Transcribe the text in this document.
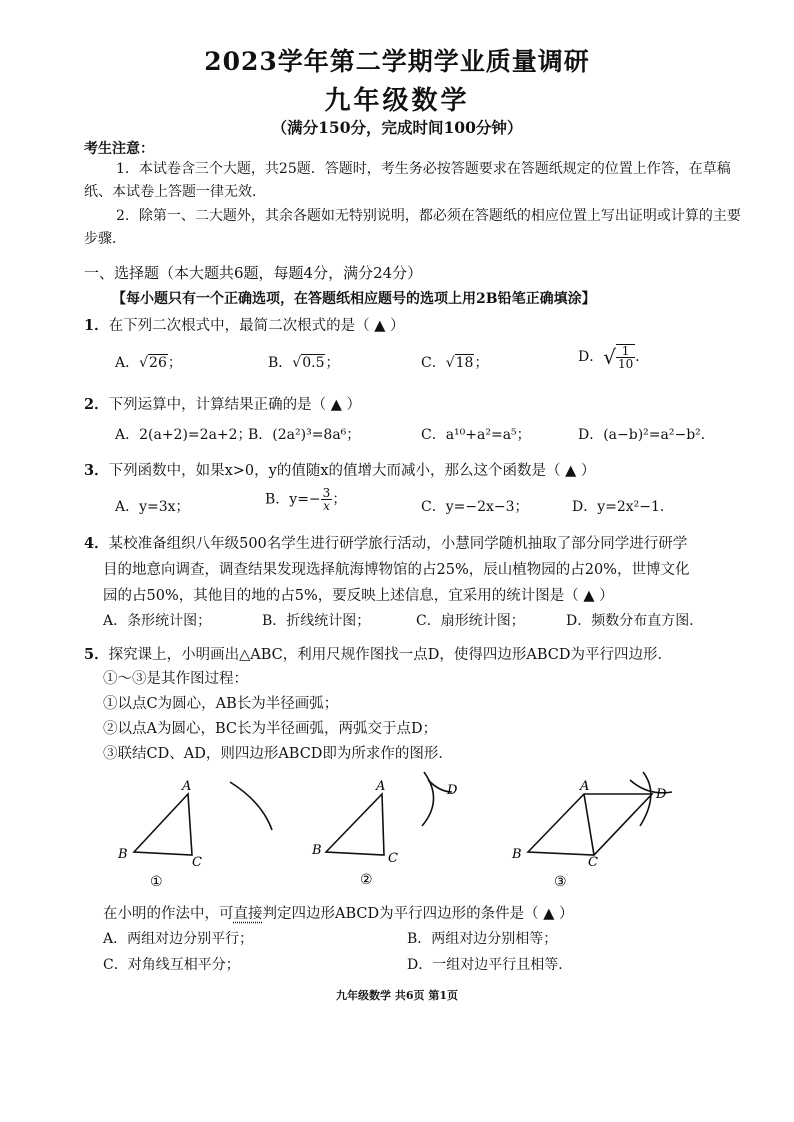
2023学年第二学期学业质量调研
九年级数学
（满分150分，完成时间100分钟）
考生注意：
1．本试卷含三个大题，共25题．答题时，考生务必按答题要求在答题纸规定的位置上作答，在草稿纸、本试卷上答题一律无效．
2．除第一、二大题外，其余各题如无特别说明，都必须在答题纸的相应位置上写出证明或计算的主要步骤．
一、选择题（本大题共6题，每题4分，满分24分）
【每小题只有一个正确选项，在答题纸相应题号的选项上用2B铅笔正确填涂】
1．在下列二次根式中，最简二次根式的是（ ▲ ）
A．√26；	B．√0.5；	C．√18；	D．√ $\frac{1}{10}$ ．
2．下列运算中，计算结果正确的是（ ▲ ）
A．2(a+2)=2a+2；
B．(2a²)³=8a⁶；	C．a¹⁰+a²=a⁵；	D．(a−b)²=a²−b²．
3．下列函数中，如果x>0，y的值随x的值增大而减小，那么这个函数是（ ▲ ）
A．y=3x；	B．$y=- \frac{3}{x}$ ；	C．y=−2x−3；	D．y=2x²−1．
4．某校准备组织八年级500名学生进行研学旅行活动，小慧同学随机抽取了部分同学进行研学
目的地意向调查，调查结果发现选择航海博物馆的占25%，辰山植物园的占20%，世博文化
园的占50%，其他目的地的占5%，要反映上述信息，宜采用的统计图是（ ▲ ）
A．条形统计图；	B．折线统计图；	C．扇形统计图；	D．频数分布直方图．
5．探究课上，小明画出△ABC，利用尺规作图找一点D，使得四边形ABCD为平行四边形．
①～③是其作图过程：
①以点C为圆心，AB长为半径画弧；
②以点A为圆心，BC长为半径画弧，两弧交于点D；
③联结CD、AD，则四边形ABCD即为所求作的图形．
A
B
C
A
B
C
D	A
B
C
D
①	②	③
在小明的作法中，可直接判定四边形ABCD为平行四边形的条件是（ ▲ ）
A．两组对边分别平行；	B．两组对边分别相等；
C．对角线互相平分；	D．一组对边平行且相等．
九年级数学 共6页 第1页
